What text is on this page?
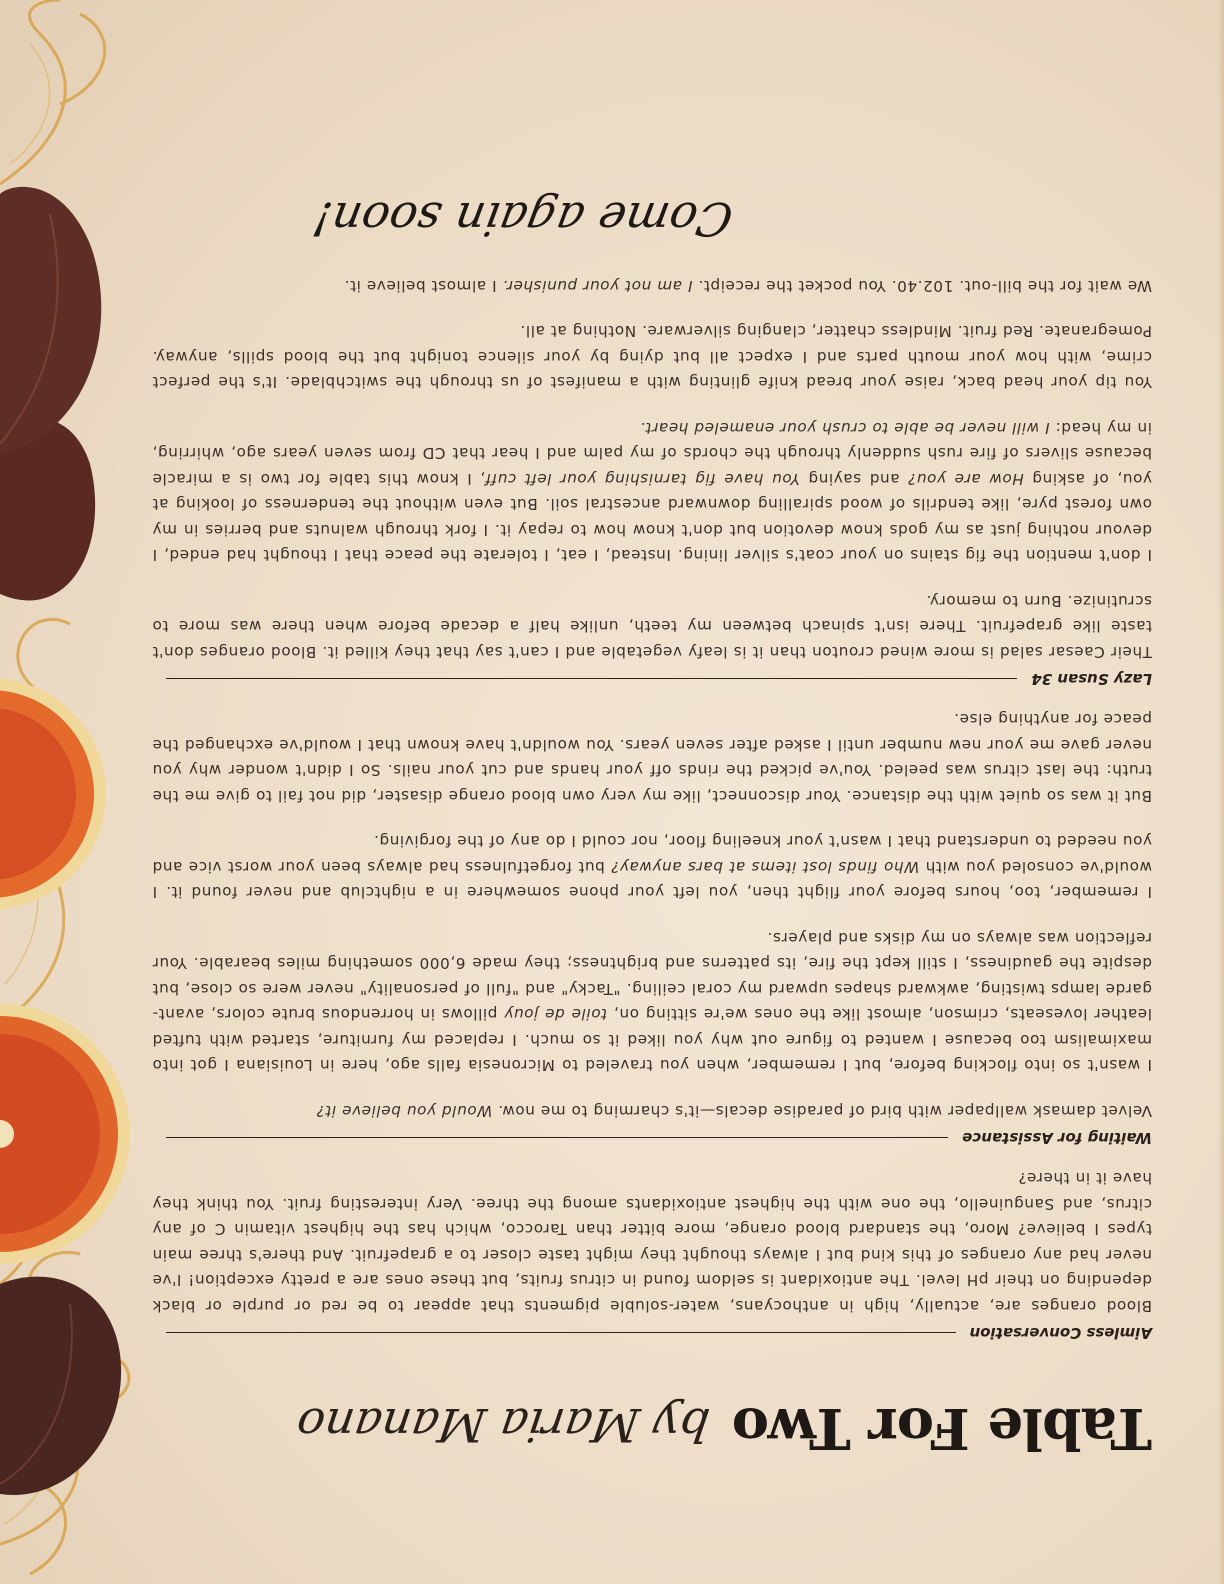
Table For Two
by Maria Manano
Aimless Conversation

Blood oranges are, actually, high in anthocyans, water-soluble pigments that appear to be red or purple or black depending on their pH level. The antioxidant is seldom found in citrus fruits, but these ones are a pretty exception! I've never had any oranges of this kind but I always thought they might taste closer to a grapefruit. And there's three main types I believe? Moro, the standard blood orange, more bitter than Tarocco, which has the highest vitamin C of any citrus, and Sanguinello, the one with the highest antioxidants among the three. Very interesting fruit. You think they have it in there?

Waiting for Assistance

Velvet damask wallpaper with bird of paradise decals—it's charming to me now. Would you believe it?

I wasn't so into flocking before, but I remember, when you traveled to Micronesia falls ago, here in Louisiana I got into maximalism too because I wanted to figure out why you liked it so much. I replaced my furniture, started with tufted leather loveseats, crimson, almost like the ones we're sitting on, toile de jouy pillows in horrendous brute colors, avant-garde lamps twisting, awkward shapes upward my coral ceiling. "Tacky" and "full of personality" never were so close, but despite the gaudiness, I still kept the fire, its patterns and brightness; they made 6,000 something miles bearable. Your reflection was always on my disks and players.

I remember, too, hours before your flight then, you left your phone somewhere in a nightclub and never found it. I would've consoled you with Who finds lost items at bars anyway? but forgetfulness had always been your worst vice and you needed to understand that I wasn't your kneeling floor, nor could I do any of the forgiving.

But it was so quiet with the distance. Your disconnect, like my very own blood orange disaster, did not fail to give me the truth: the last citrus was peeled. You've picked the rinds off your hands and cut your nails. So I didn't wonder why you never gave me your new number until I asked after seven years. You wouldn't have known that I would've exchanged the peace for anything else.

Lazy Susan 34

Their Caesar salad is more wined crouton than it is leafy vegetable and I can't say that they killed it. Blood oranges don't taste like grapefruit. There isn't spinach between my teeth, unlike half a decade before when there was more to scrutinize. Burn to memory.

I don't mention the fig stains on your coat's silver lining. Instead, I eat, I tolerate the peace that I thought had ended, I devour nothing just as my gods know devotion but don't know how to repay it. I fork through walnuts and berries in my own forest pyre, like tendrils of wood spiralling downward ancestral soil. But even without the tenderness of looking at you, of asking How are you? and saying You have fig tarnishing your left cuff, I know this table for two is a miracle because slivers of fire rush suddenly through the chords of my palm and I hear that CD from seven years ago, whirring, in my head: I will never be able to crush your enameled heart.

You tip your head back, raise your bread knife glinting with a manifest of us through the switchblade. It's the perfect crime, with how your mouth parts and I expect all but dying by your silence tonight but the blood spills, anyway. Pomegranate. Red fruit. Mindless chatter, clanging silverware. Nothing at all.

We wait for the bill-out. 102.40. You pocket the receipt. I am not your punisher. I almost believe it.

Come again soon!
